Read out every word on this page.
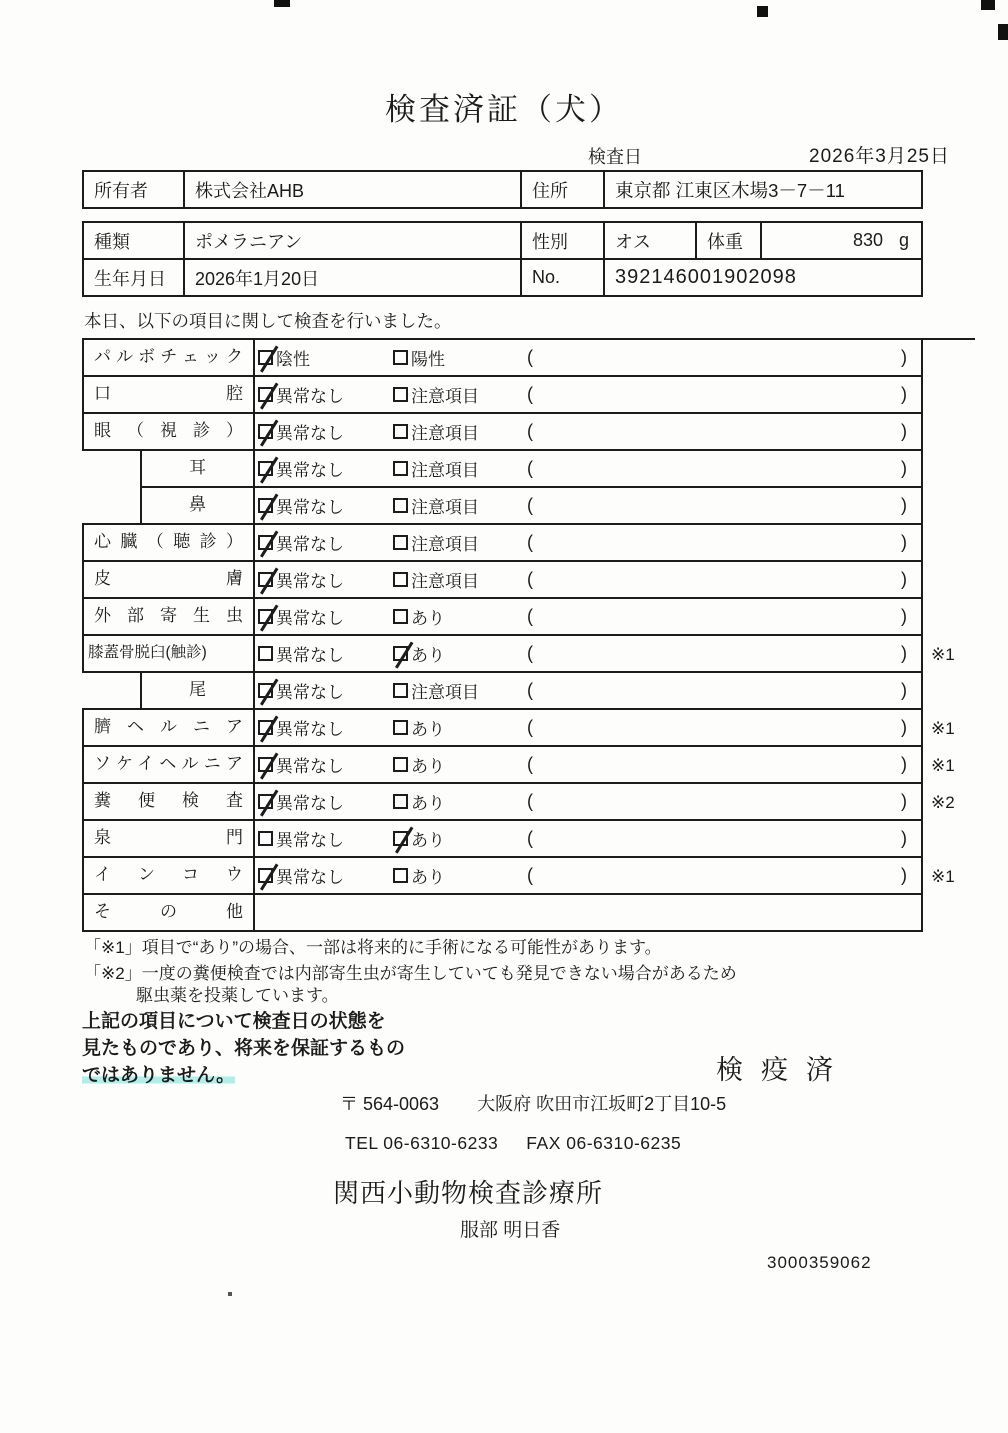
検査済証（犬）
検査日	2026年3月25日
所有者	株式会社AHB	住所	東京都 江東区木場3－7－11
種類	ポメラニアン	性別	オス	体重	830 g
生年月日	2026年1月20日	No.	392146001902098
本日、以下の項目に関して検査を行いました。
パルボチェック	陰性	陽性	(	)
口腔	異常なし	注意項目	(	)
眼（視診）	異常なし	注意項目	(	)
耳	異常なし	注意項目	(	)
鼻	異常なし	注意項目	(	)
心臓（聴診）	異常なし	注意項目	(	)
皮膚	異常なし	注意項目	(	)
外部寄生虫	異常なし	あり	(	)
膝蓋骨脱臼(触診)	異常なし	あり	(	)	※1
尾	異常なし	注意項目	(	)
臍ヘルニア	異常なし	あり	(	)	※1
ソケイヘルニア	異常なし	あり	(	)	※1
糞便検査	異常なし	あり	(	)	※2
泉門	異常なし	あり	(	)
インコウ	異常なし	あり	(	)	※1
その他
「※1」項目で“あり”の場合、一部は将来的に手術になる可能性があります。
「※2」一度の糞便検査では内部寄生虫が寄生していても発見できない場合があるため
駆虫薬を投薬しています。
上記の項目について検査日の状態を
見たものであり、将来を保証するもの
ではありません。	検疫済
〒 564-0063 大阪府 吹田市江坂町2丁目10-5
TEL 06-6310-6233 FAX 06-6310-6235
関西小動物検査診療所
服部 明日香
3000359062
